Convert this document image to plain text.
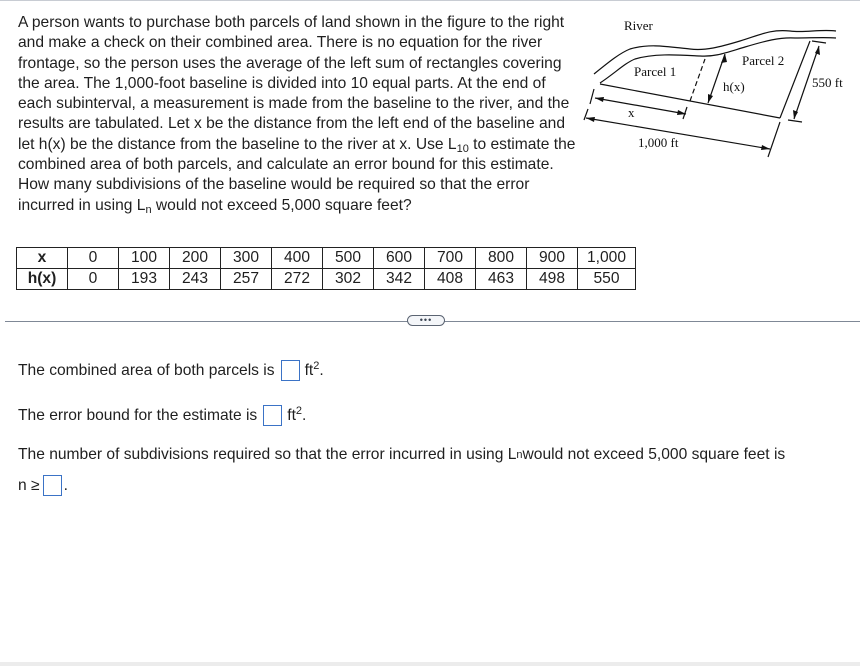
A person wants to purchase both parcels of land shown in the figure to the right and make a check on their combined area. There is no equation for the river frontage, so the person uses the average of the left sum of rectangles covering the area. The 1,000-foot baseline is divided into 10 equal parts. At the end of each subinterval, a measurement is made from the baseline to the river, and the results are tabulated. Let x be the distance from the left end of the baseline and let h(x) be the distance from the baseline to the river at x. Use $L_{10}$ to estimate the combined area of both parcels, and calculate an error bound for this estimate. How many subdivisions of the baseline would be required so that the error incurred in using $L_n$ would not exceed 5,000 square feet?
River
Parcel 1
Parcel 2
h(x)
x
1,000 ft
550 ft
x	0	100	200	300	400	500	600	700	800	900	1,000
h(x)	0	193	243	257	272	302	342	408	463	498	550
•••
The combined area of both parcels is $ft^2$.
The error bound for the estimate is $ft^2$.
The number of subdivisions required so that the error incurred in using L n would not exceed 5,000 square feet is
n ≥ .
